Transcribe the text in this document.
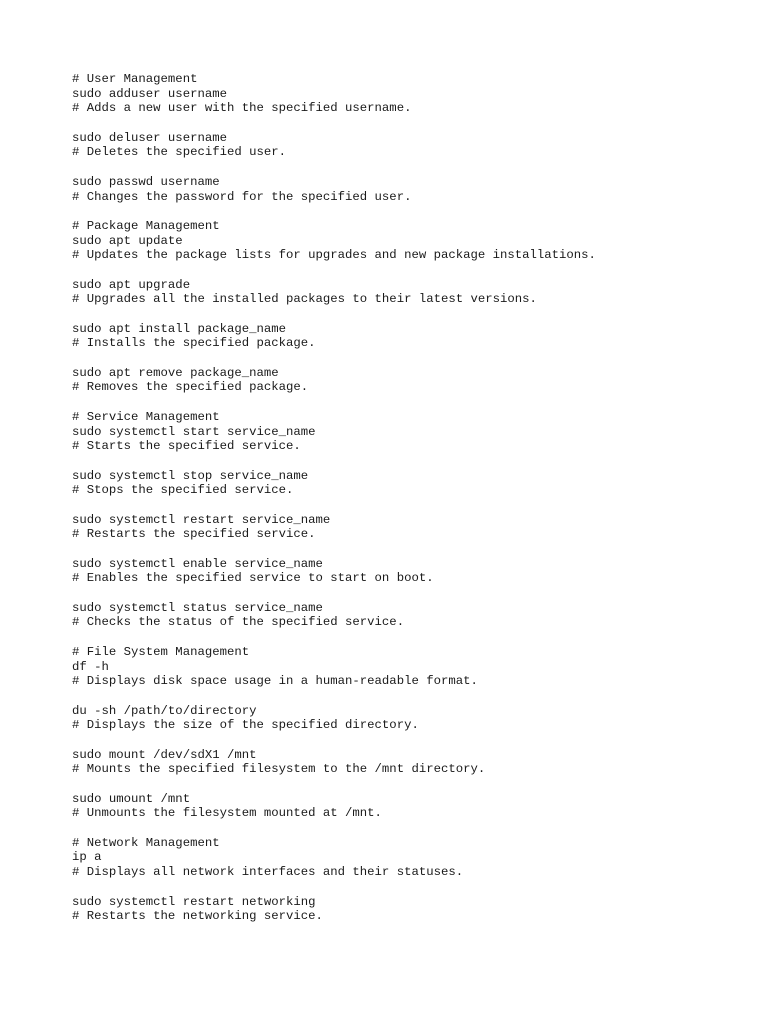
# User Management
sudo adduser username
# Adds a new user with the specified username.
sudo deluser username
# Deletes the specified user.
sudo passwd username
# Changes the password for the specified user.
# Package Management
sudo apt update
# Updates the package lists for upgrades and new package installations.
sudo apt upgrade
# Upgrades all the installed packages to their latest versions.
sudo apt install package_name
# Installs the specified package.
sudo apt remove package_name
# Removes the specified package.
# Service Management
sudo systemctl start service_name
# Starts the specified service.
sudo systemctl stop service_name
# Stops the specified service.
sudo systemctl restart service_name
# Restarts the specified service.
sudo systemctl enable service_name
# Enables the specified service to start on boot.
sudo systemctl status service_name
# Checks the status of the specified service.
# File System Management
df -h
# Displays disk space usage in a human-readable format.
du -sh /path/to/directory
# Displays the size of the specified directory.
sudo mount /dev/sdX1 /mnt
# Mounts the specified filesystem to the /mnt directory.
sudo umount /mnt
# Unmounts the filesystem mounted at /mnt.
# Network Management
ip a
# Displays all network interfaces and their statuses.
sudo systemctl restart networking
# Restarts the networking service.
